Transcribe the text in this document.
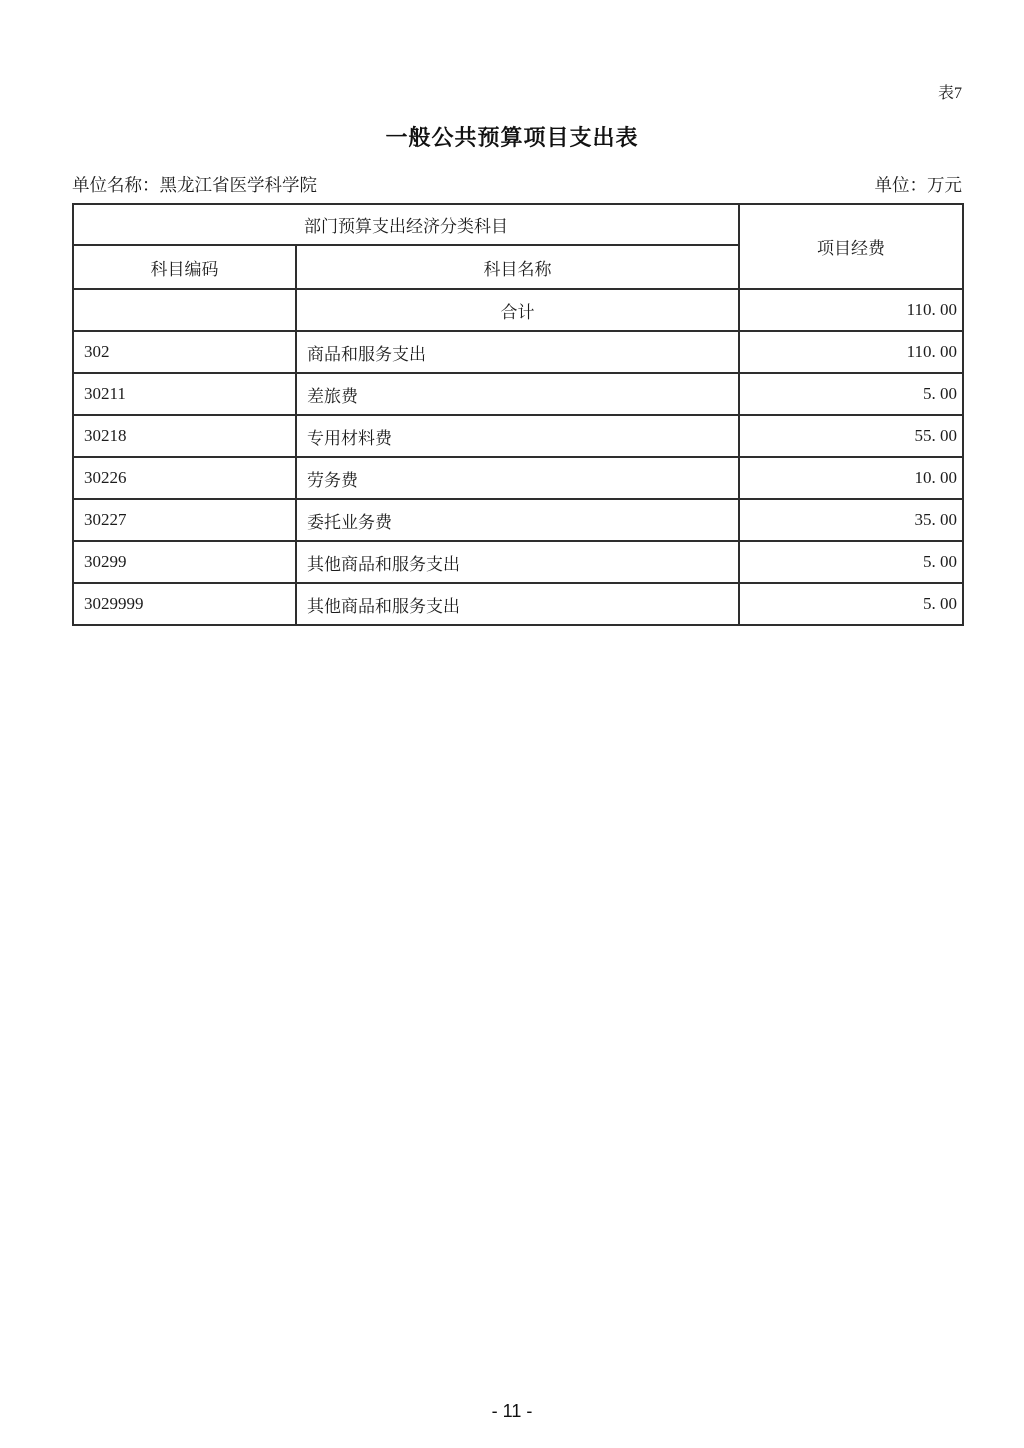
表7
一般公共预算项目支出表
单位名称：黑龙江省医学科学院	单位：万元
部门预算支出经济分类科目		项目经费
科目编码	科目名称	
	合计	110. 00
302	商品和服务支出	110. 00
30211	差旅费	5. 00
30218	专用材料费	55. 00
30226	劳务费	10. 00
30227	委托业务费	35. 00
30299	其他商品和服务支出	5. 00
3029999	其他商品和服务支出	5. 00
- 11 -
